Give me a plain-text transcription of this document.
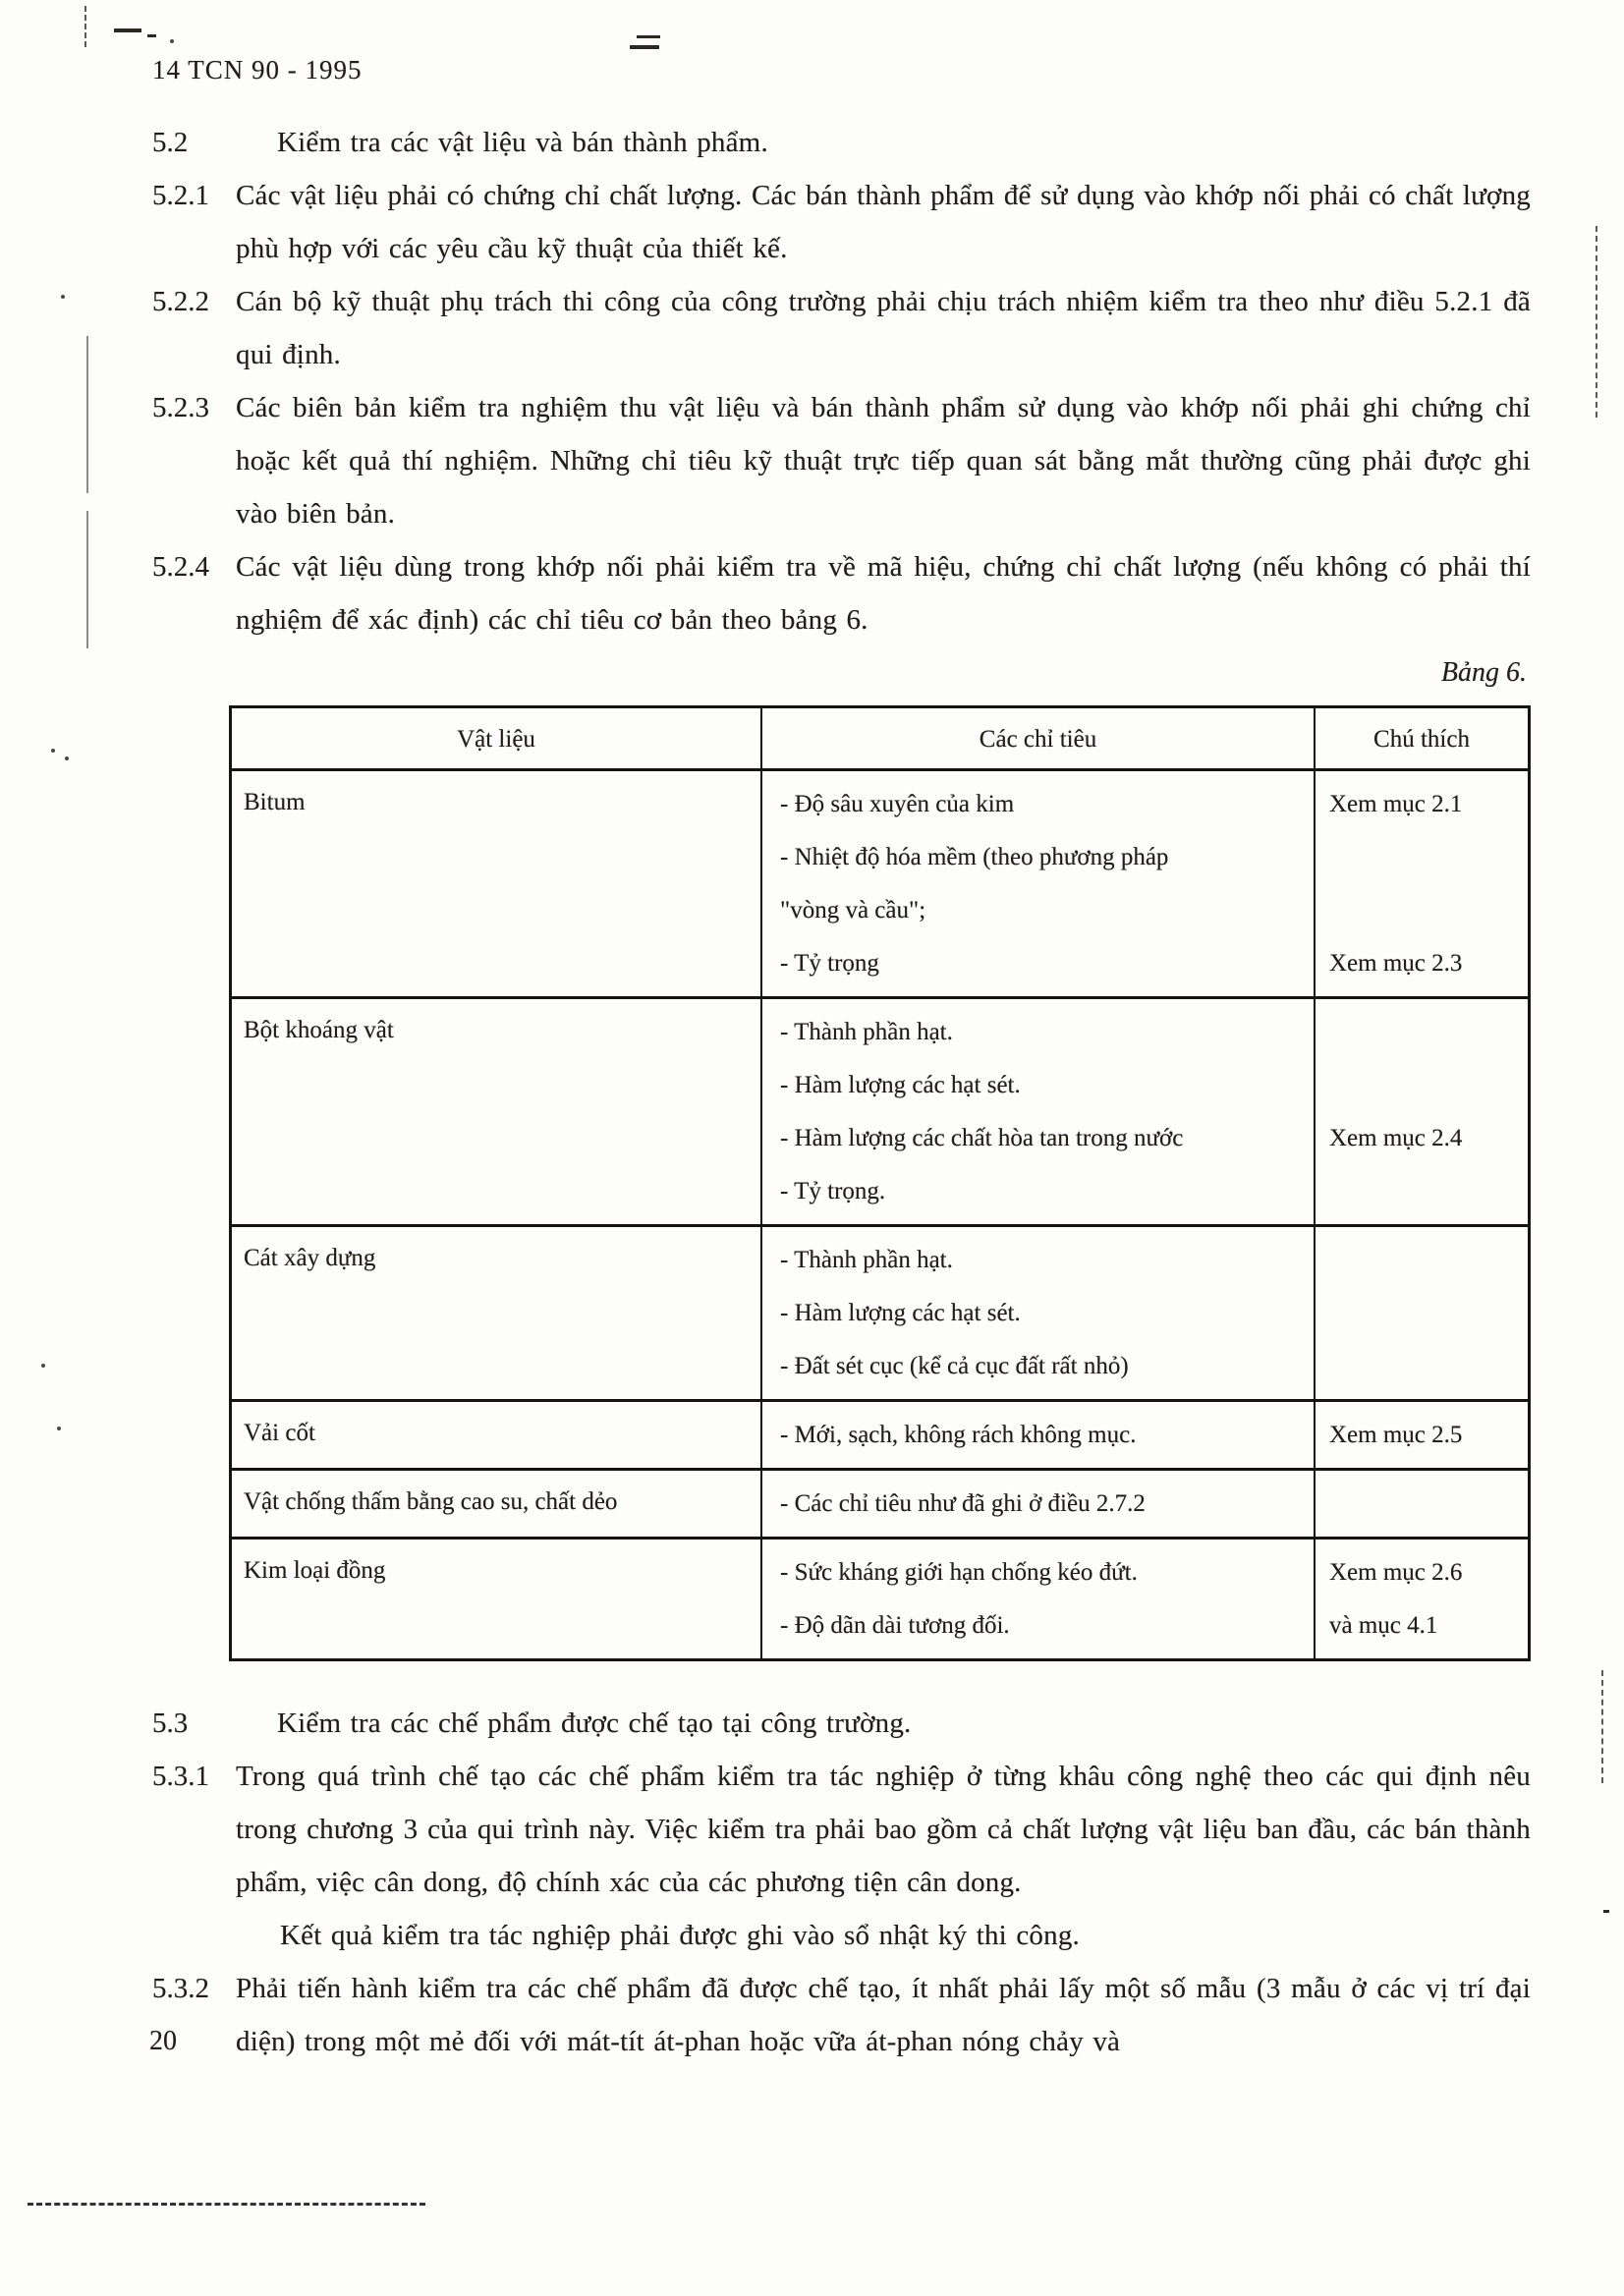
14 TCN 90 - 1995
5.2	Kiểm tra các vật liệu và bán thành phẩm.
5.2.1 Các vật liệu phải có chứng chỉ chất lượng. Các bán thành phẩm để sử dụng vào khớp nối phải có chất lượng phù hợp với các yêu cầu kỹ thuật của thiết kế.
5.2.2 Cán bộ kỹ thuật phụ trách thi công của công trường phải chịu trách nhiệm kiểm tra theo như điều 5.2.1 đã qui định.
5.2.3 Các biên bản kiểm tra nghiệm thu vật liệu và bán thành phẩm sử dụng vào khớp nối phải ghi chứng chỉ hoặc kết quả thí nghiệm. Những chỉ tiêu kỹ thuật trực tiếp quan sát bằng mắt thường cũng phải được ghi vào biên bản.
5.2.4 Các vật liệu dùng trong khớp nối phải kiểm tra về mã hiệu, chứng chỉ chất lượng (nếu không có phải thí nghiệm để xác định) các chỉ tiêu cơ bản theo bảng 6.
Bảng 6.
Vật liệu	Các chỉ tiêu	Chú thích
Bitum	- Độ sâu xuyên của kim	Xem mục 2.1
- Nhiệt độ hóa mềm (theo phương pháp
"vòng và cầu";
- Tỷ trọng	Xem mục 2.3
Bột khoáng vật	- Thành phần hạt.
- Hàm lượng các hạt sét.
- Hàm lượng các chất hòa tan trong nước	Xem mục 2.4
- Tỷ trọng.
Cát xây dựng	- Thành phần hạt.
- Hàm lượng các hạt sét.
- Đất sét cục (kể cả cục đất rất nhỏ)
Vải cốt	- Mới, sạch, không rách không mục.	Xem mục 2.5
Vật chống thấm bằng cao su, chất dẻo	- Các chỉ tiêu như đã ghi ở điều 2.7.2
Kim loại đồng	- Sức kháng giới hạn chống kéo đứt.	Xem mục 2.6
- Độ dãn dài tương đối.	và mục 4.1
5.3	Kiểm tra các chế phẩm được chế tạo tại công trường.
5.3.1 Trong quá trình chế tạo các chế phẩm kiểm tra tác nghiệp ở từng khâu công nghệ theo các qui định nêu trong chương 3 của qui trình này. Việc kiểm tra phải bao gồm cả chất lượng vật liệu ban đầu, các bán thành phẩm, việc cân dong, độ chính xác của các phương tiện cân dong.
Kết quả kiểm tra tác nghiệp phải được ghi vào sổ nhật ký thi công.
5.3.2 Phải tiến hành kiểm tra các chế phẩm đã được chế tạo, ít nhất phải lấy một số mẫu (3 mẫu ở các vị trí đại diện) trong một mẻ đối với mát-tít át-phan hoặc vữa át-phan nóng chảy và
20
